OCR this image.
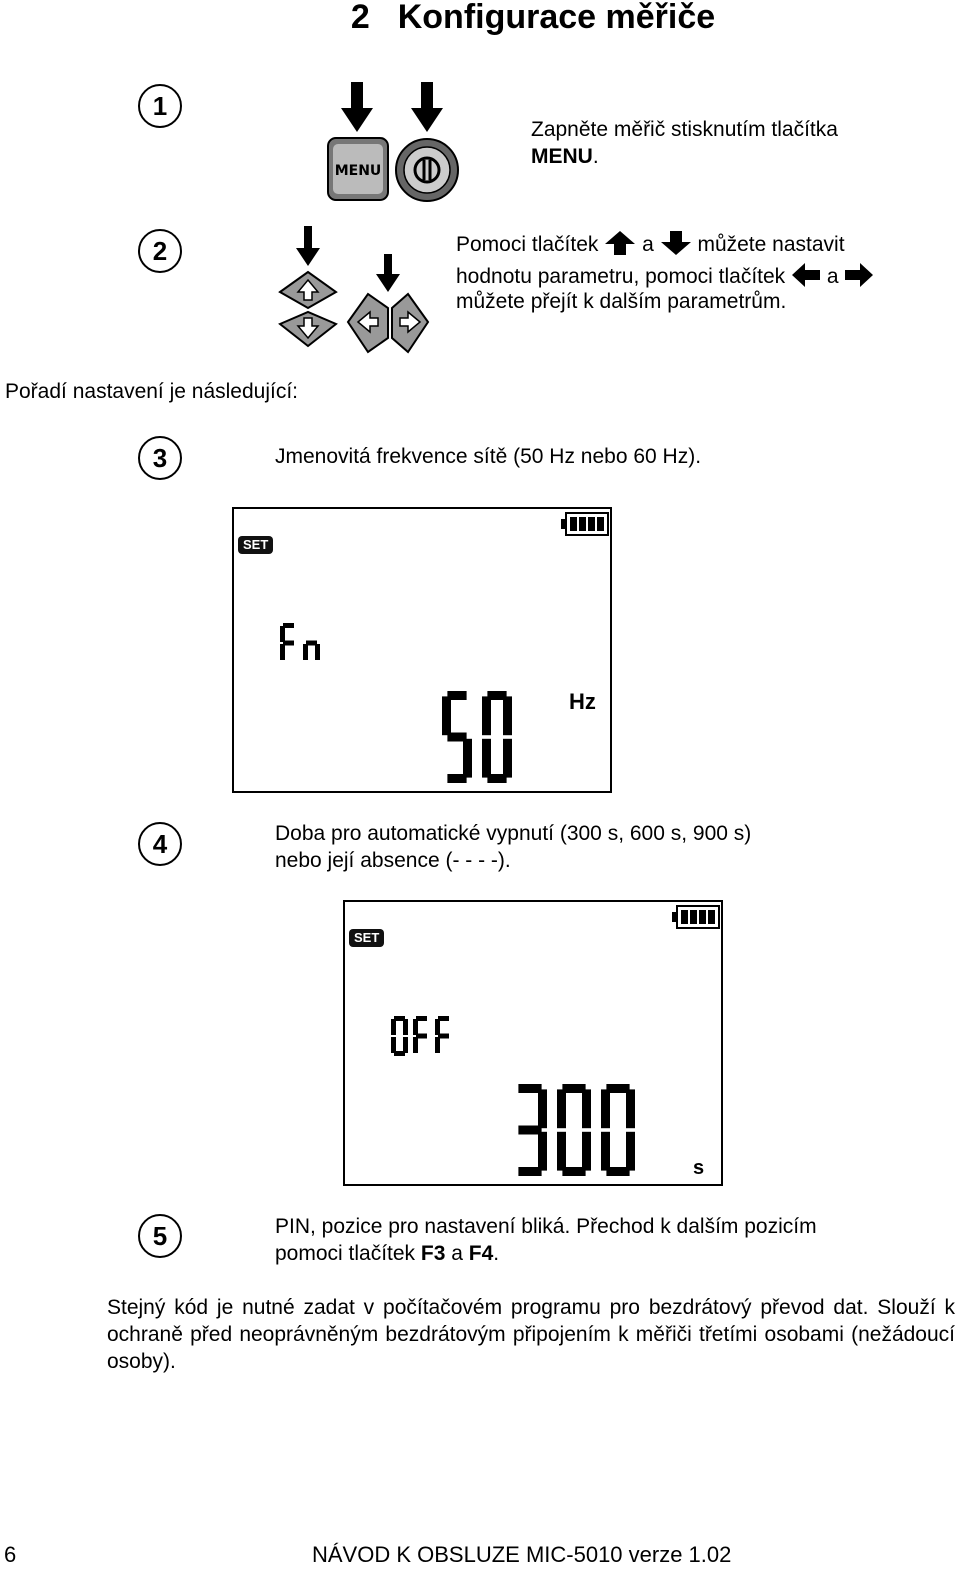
2 Konfigurace měřiče
1
MENU
Zapněte měřič stisknutím tlačítka
MENU.
2	Pomoci tlačítek a můžete nastavit
hodnotu parametru, pomoci tlačítek a
můžete přejít k dalším parametrům.
Pořadí nastavení je následující:
3	Jmenovitá frekvence sítě (50 Hz nebo 60 Hz).
SET
Hz
4	Doba pro automatické vypnutí (300 s, 600 s, 900 s)
nebo její absence (- - - -).
SET
s
5	PIN, pozice pro nastavení bliká. Přechod k dalším pozicím
pomoci tlačítek F3 a F4.
Stejný kód je nutné zadat v počítačovém programu pro bezdrátový převod dat. Slouží k ochraně před neoprávněným bezdrátovým připojením k měřiči třetími osobami (nežádoucí osoby).
6	NÁVOD K OBSLUZE MIC-5010 verze 1.02
